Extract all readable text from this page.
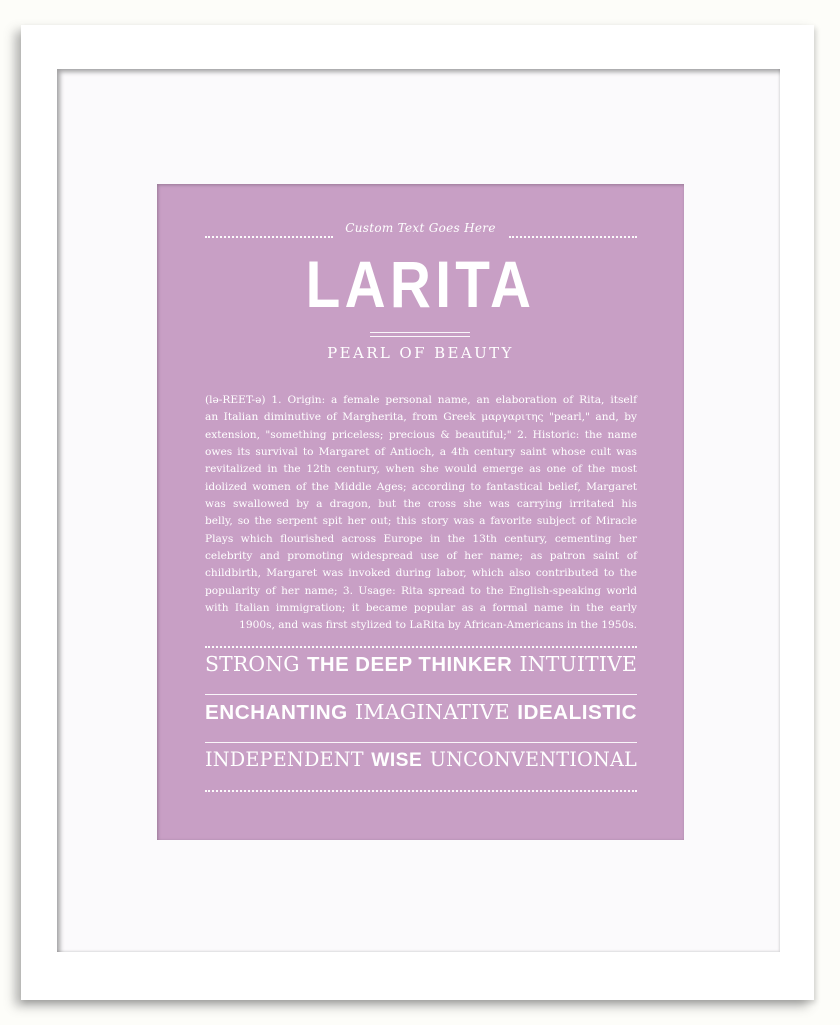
Custom Text Goes Here
LARITA
PEARL OF BEAUTY
(lə-REET-ə) 1. Origin: a female personal name, an elaboration of Rita, itself
an Italian diminutive of Margherita, from Greek μαργαριτης "pearl," and, by
extension, "something priceless; precious & beautiful;" 2. Historic: the name
owes its survival to Margaret of Antioch, a 4th century saint whose cult was
revitalized in the 12th century, when she would emerge as one of the most
idolized women of the Middle Ages; according to fantastical belief, Margaret
was swallowed by a dragon, but the cross she was carrying irritated his
belly, so the serpent spit her out; this story was a favorite subject of Miracle
Plays which flourished across Europe in the 13th century, cementing her
celebrity and promoting widespread use of her name; as patron saint of
childbirth, Margaret was invoked during labor, which also contributed to the
popularity of her name; 3. Usage: Rita spread to the English-speaking world
with Italian immigration; it became popular as a formal name in the early
1900s, and was first stylized to LaRita by African-Americans in the 1950s.
STRONG THE DEEP THINKER INTUITIVE
ENCHANTING IMAGINATIVE IDEALISTIC
INDEPENDENT WISE UNCONVENTIONAL
